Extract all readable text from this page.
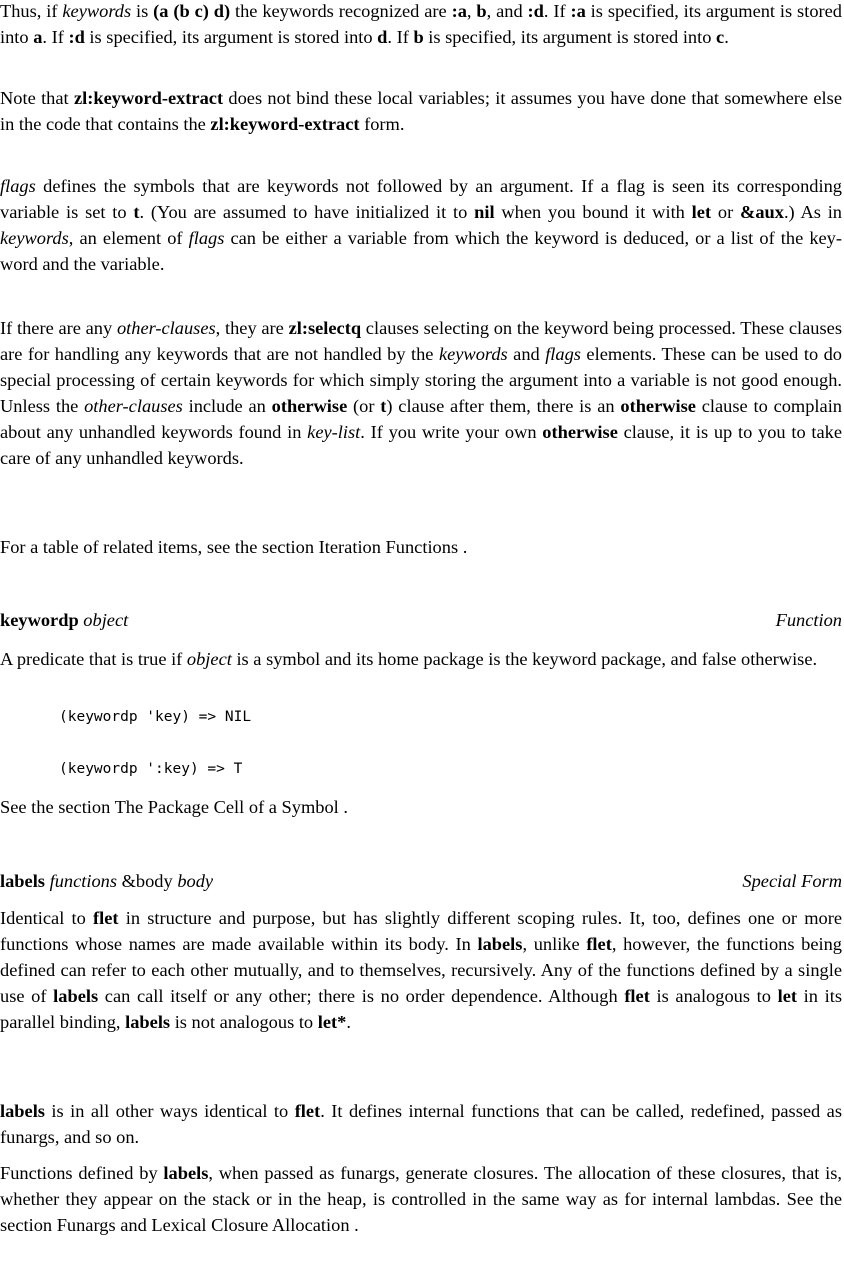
Thus, if keywords is (a (b c) d) the keywords recognized are :a, b, and :d. If :a is specified, its argument is stored into a. If :d is specified, its argument is stored into d. If b is specified, its argument is stored into c.

Note that zl:keyword-extract does not bind these local variables; it assumes you have done that somewhere else in the code that contains the zl:keyword-extract form.

flags defines the symbols that are keywords not followed by an argument. If a flag is seen its corresponding variable is set to t. (You are assumed to have initialized it to nil when you bound it with let or &aux.) As in keywords, an element of flags can be either a variable from which the keyword is deduced, or a list of the keyword and the variable.

If there are any other-clauses, they are zl:selectq clauses selecting on the keyword being processed. These clauses are for handling any keywords that are not handled by the keywords and flags elements. These can be used to do special processing of certain keywords for which simply storing the argument into a variable is not good enough. Unless the other-clauses include an otherwise (or t) clause after them, there is an otherwise clause to complain about any unhandled keywords found in key-list. If you write your own otherwise clause, it is up to you to take care of any unhandled keywords.

For a table of related items, see the section Iteration Functions .

keywordp object	Function

A predicate that is true if object is a symbol and its home package is the keyword package, and false otherwise.

(keywordp 'key) => NIL
(keywordp ':key) => T

See the section The Package Cell of a Symbol .

labels functions &body body	Special Form

Identical to flet in structure and purpose, but has slightly different scoping rules. It, too, defines one or more functions whose names are made available within its body. In labels, unlike flet, however, the functions being defined can refer to each other mutually, and to themselves, recursively. Any of the functions defined by a single use of labels can call itself or any other; there is no order dependence. Although flet is analogous to let in its parallel binding, labels is not analogous to let*.

labels is in all other ways identical to flet. It defines internal functions that can be called, redefined, passed as funargs, and so on.

Functions defined by labels, when passed as funargs, generate closures. The allocation of these closures, that is, whether they appear on the stack or in the heap, is controlled in the same way as for internal lambdas. See the section Funargs and Lexical Closure Allocation .
